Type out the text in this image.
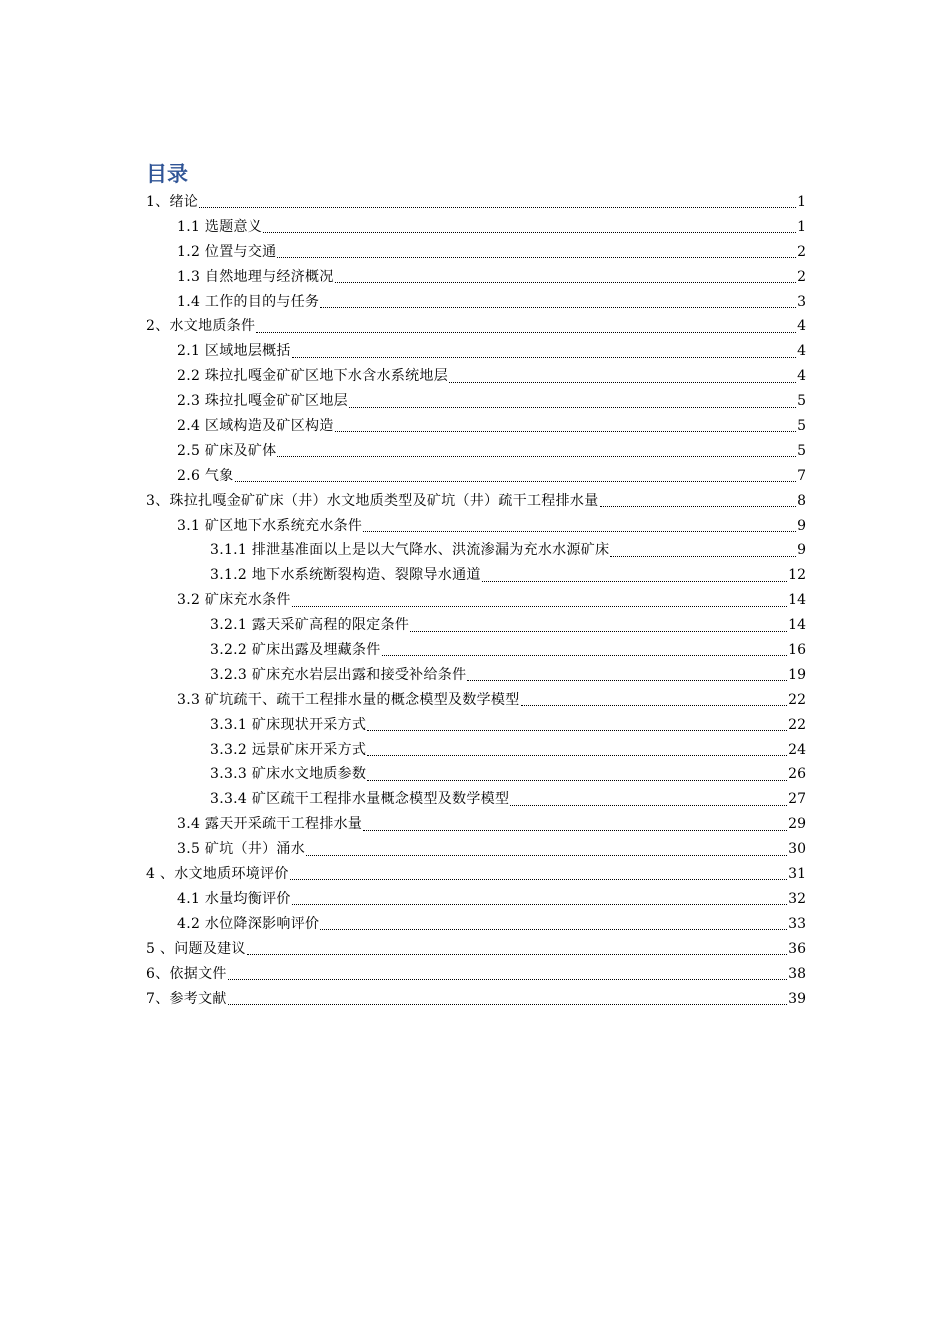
目录
1、绪论	1
1.1 选题意义	1
1.2 位置与交通	2
1.3 自然地理与经济概况	2
1.4 工作的目的与任务	3
2、水文地质条件	4
2.1 区域地层概括	4
2.2 珠拉扎嘎金矿矿区地下水含水系统地层	4
2.3 珠拉扎嘎金矿矿区地层	5
2.4 区域构造及矿区构造	5
2.5 矿床及矿体	5
2.6 气象	7
3、珠拉扎嘎金矿矿床（井）水文地质类型及矿坑（井）疏干工程排水量	8
3.1 矿区地下水系统充水条件	9
3.1.1 排泄基准面以上是以大气降水、洪流渗漏为充水水源矿床	9
3.1.2 地下水系统断裂构造、裂隙导水通道	12
3.2 矿床充水条件	14
3.2.1 露天采矿高程的限定条件	14
3.2.2 矿床出露及埋藏条件	16
3.2.3 矿床充水岩层出露和接受补给条件	19
3.3 矿坑疏干、疏干工程排水量的概念模型及数学模型	22
3.3.1 矿床现状开采方式	22
3.3.2 远景矿床开采方式	24
3.3.3 矿床水文地质参数	26
3.3.4 矿区疏干工程排水量概念模型及数学模型	27
3.4 露天开采疏干工程排水量	29
3.5 矿坑（井）涌水	30
4 、水文地质环境评价	31
4.1 水量均衡评价	32
4.2 水位降深影响评价	33
5 、问题及建议	36
6、依据文件	38
7、参考文献	39
